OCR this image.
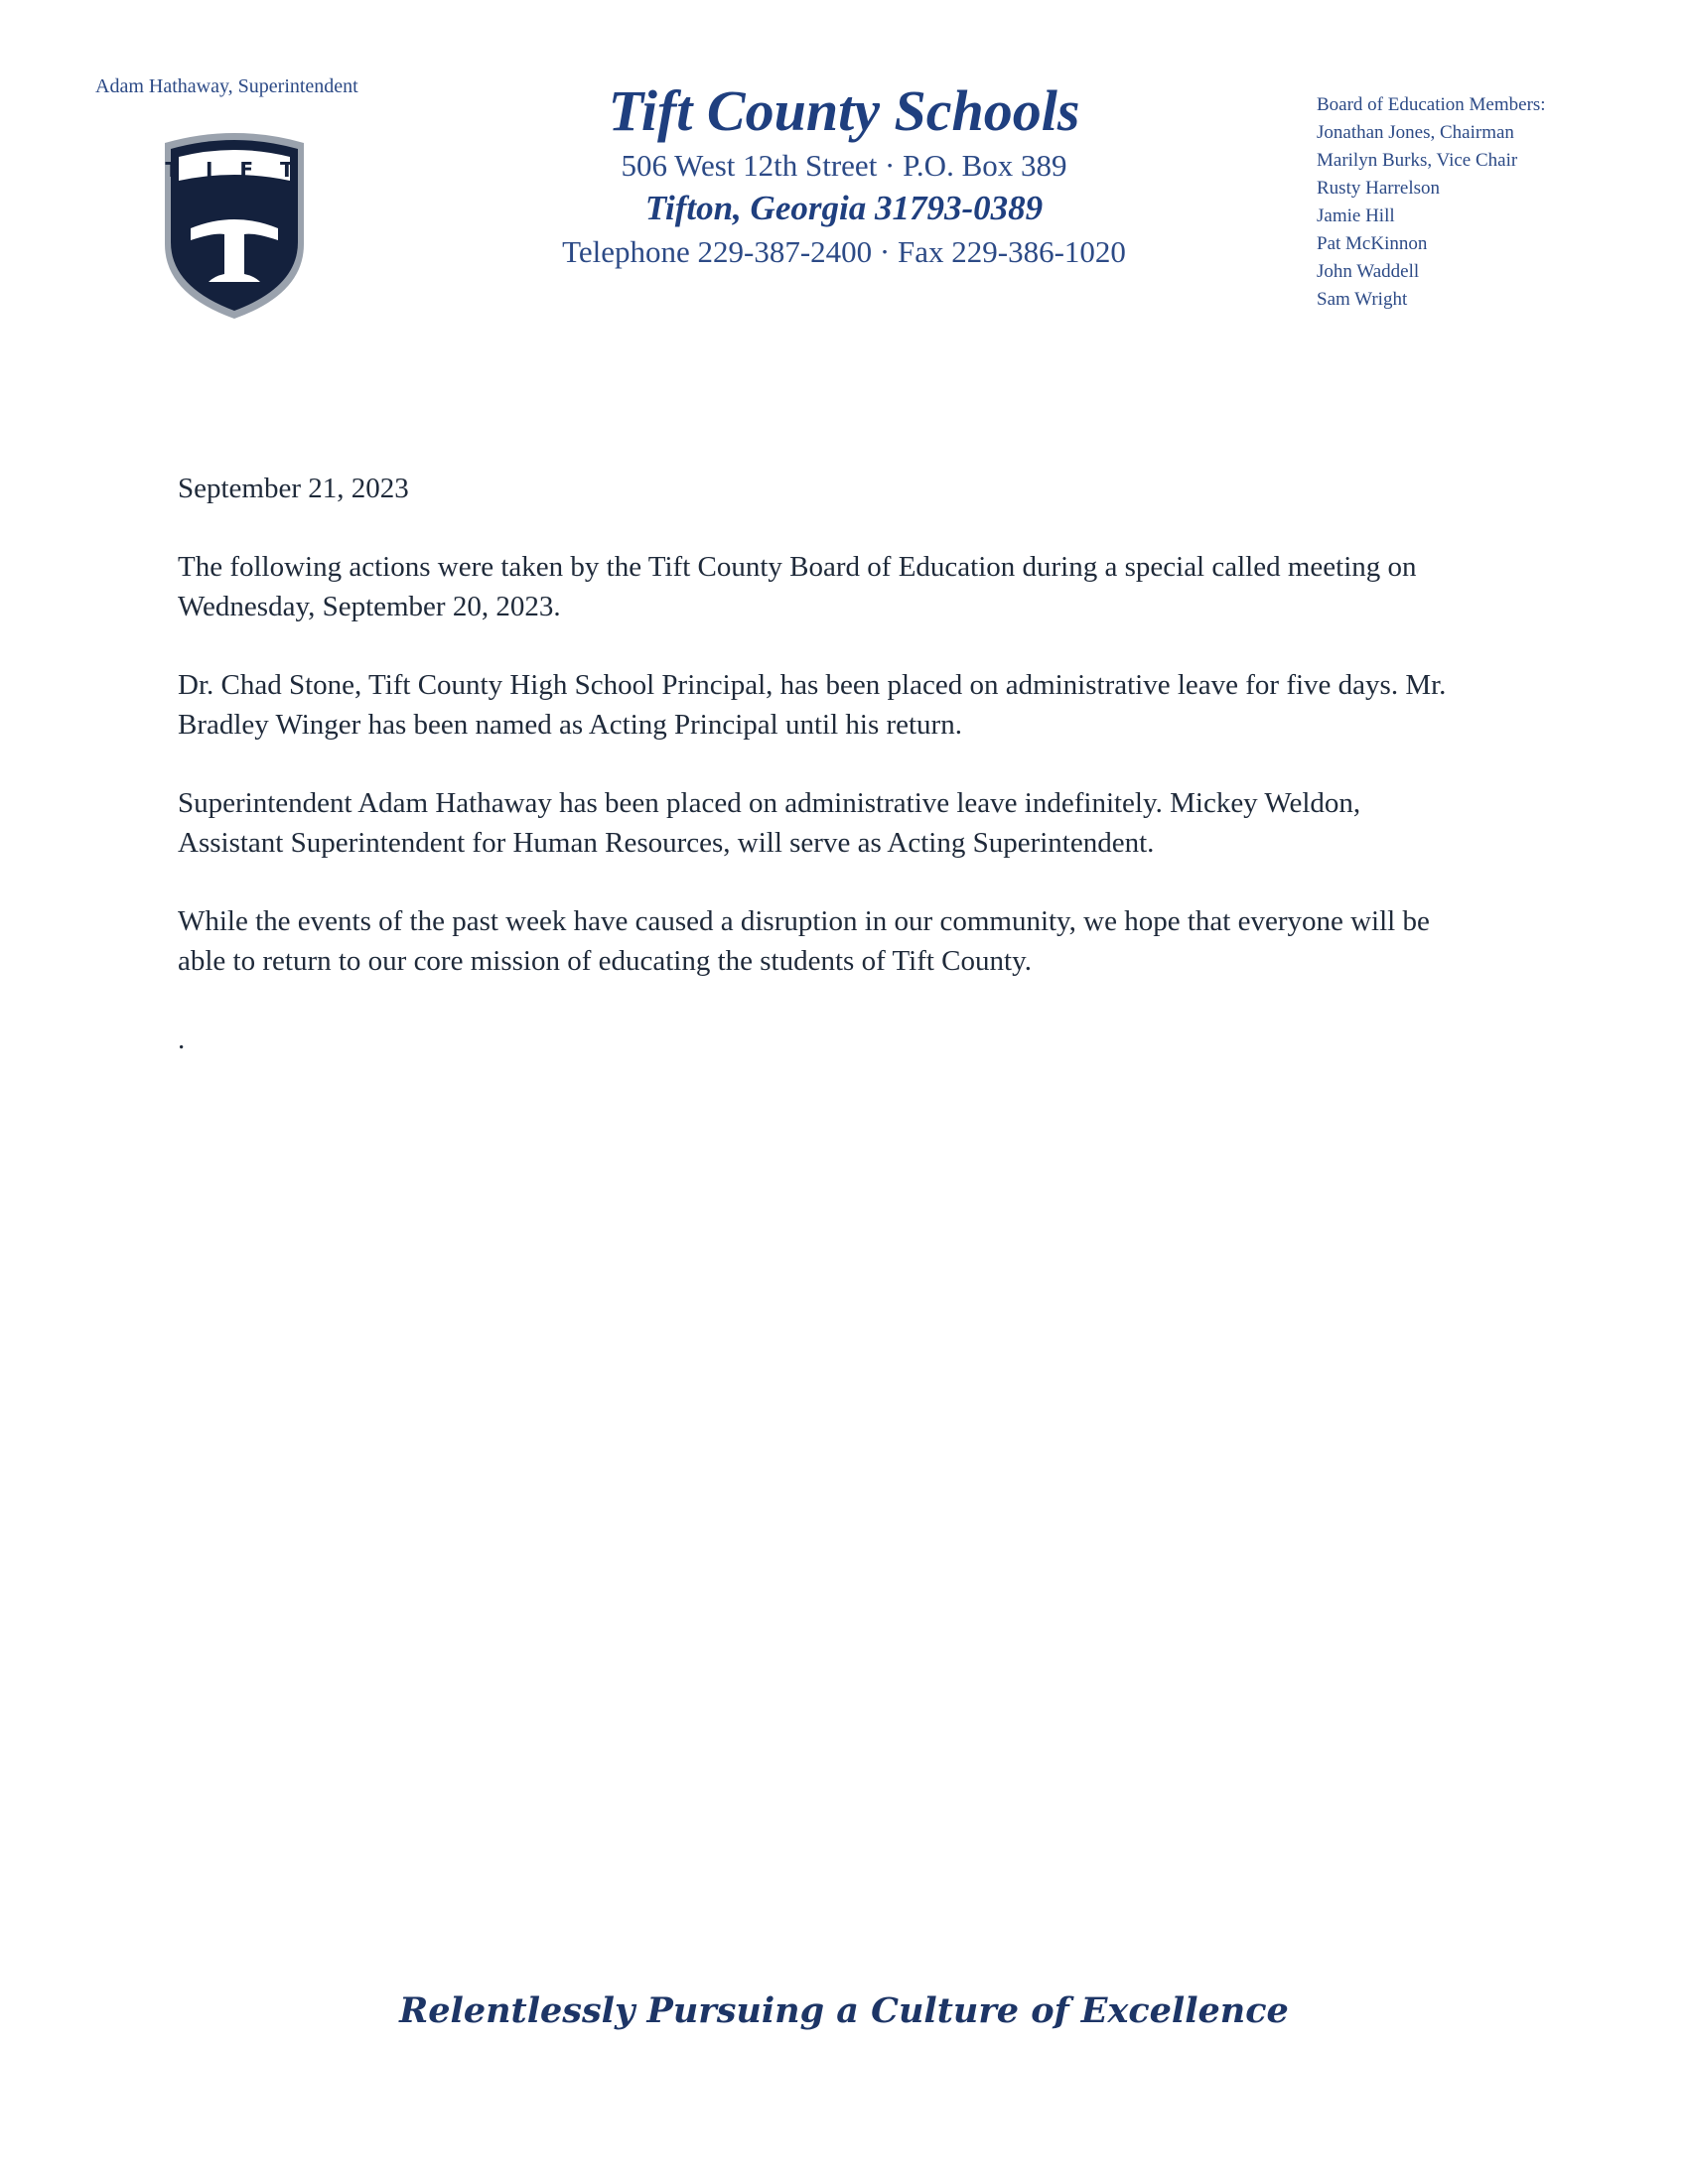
Adam Hathaway, Superintendent
T I F T
Tift County Schools
506 West 12th Street · P.O. Box 389
Tifton, Georgia 31793-0389
Telephone 229-387-2400 · Fax 229-386-1020
Board of Education Members:
Jonathan Jones, Chairman
Marilyn Burks, Vice Chair
Rusty Harrelson
Jamie Hill
Pat McKinnon
John Waddell
Sam Wright

September 21, 2023

The following actions were taken by the Tift County Board of Education during a special called meeting on Wednesday, September 20, 2023.

Dr. Chad Stone, Tift County High School Principal, has been placed on administrative leave for five days. Mr. Bradley Winger has been named as Acting Principal until his return.

Superintendent Adam Hathaway has been placed on administrative leave indefinitely. Mickey Weldon, Assistant Superintendent for Human Resources, will serve as Acting Superintendent.

While the events of the past week have caused a disruption in our community, we hope that everyone will be able to return to our core mission of educating the students of Tift County.

.

Relentlessly Pursuing a Culture of Excellence
